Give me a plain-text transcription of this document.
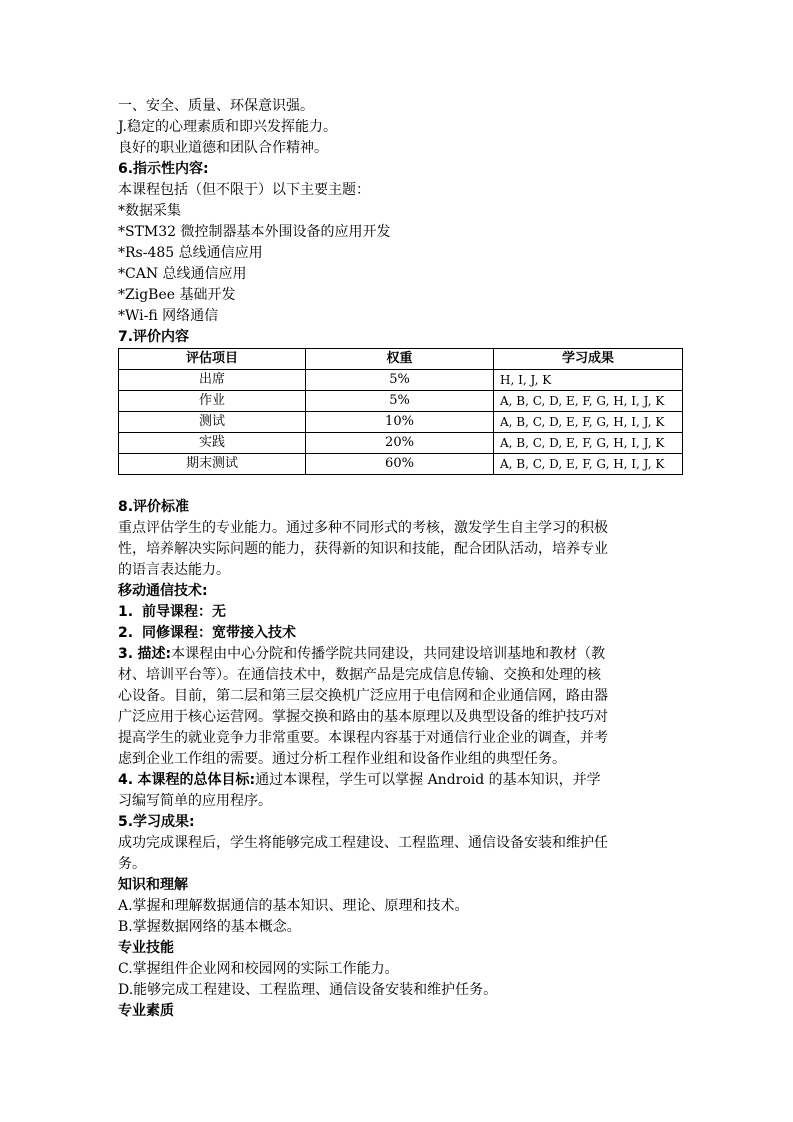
一、安全、质量、环保意识强。
J.稳定的心理素质和即兴发挥能力。
良好的职业道德和团队合作精神。
6.指示性内容:
本课程包括（但不限于）以下主要主题：
*数据采集
*STM32 微控制器基本外围设备的应用开发
*Rs-485 总线通信应用
*CAN 总线通信应用
*ZigBee 基础开发
*Wi-fi 网络通信
7.评价内容
评估项目	权重	学习成果
出席	5%	H, I, J, K
作业	5%	A, B, C, D, E, F, G, H, I, J, K
测试	10%	A, B, C, D, E, F, G, H, I, J, K
实践	20%	A, B, C, D, E, F, G, H, I, J, K
期末测试	60%	A, B, C, D, E, F, G, H, I, J, K
8.评价标准
重点评估学生的专业能力。通过多种不同形式的考核，激发学生自主学习的积极
性，培养解决实际问题的能力，获得新的知识和技能，配合团队活动，培养专业
的语言表达能力。
移动通信技术:
1. 前导课程：无
2. 同修课程：宽带接入技术
3. 描述:本课程由中心分院和传播学院共同建设，共同建设培训基地和教材（教
材、培训平台等）。在通信技术中，数据产品是完成信息传输、交换和处理的核
心设备。目前，第二层和第三层交换机广泛应用于电信网和企业通信网，路由器
广泛应用于核心运营网。掌握交换和路由的基本原理以及典型设备的维护技巧对
提高学生的就业竞争力非常重要。本课程内容基于对通信行业企业的调查，并考
虑到企业工作组的需要。通过分析工程作业组和设备作业组的典型任务。
4. 本课程的总体目标:通过本课程，学生可以掌握 Android 的基本知识，并学
习编写简单的应用程序。
5.学习成果:
成功完成课程后，学生将能够完成工程建设、工程监理、通信设备安装和维护任
务。
知识和理解
A.掌握和理解数据通信的基本知识、理论、原理和技术。
B.掌握数据网络的基本概念。
专业技能
C.掌握组件企业网和校园网的实际工作能力。
D.能够完成工程建设、工程监理、通信设备安装和维护任务。
专业素质
